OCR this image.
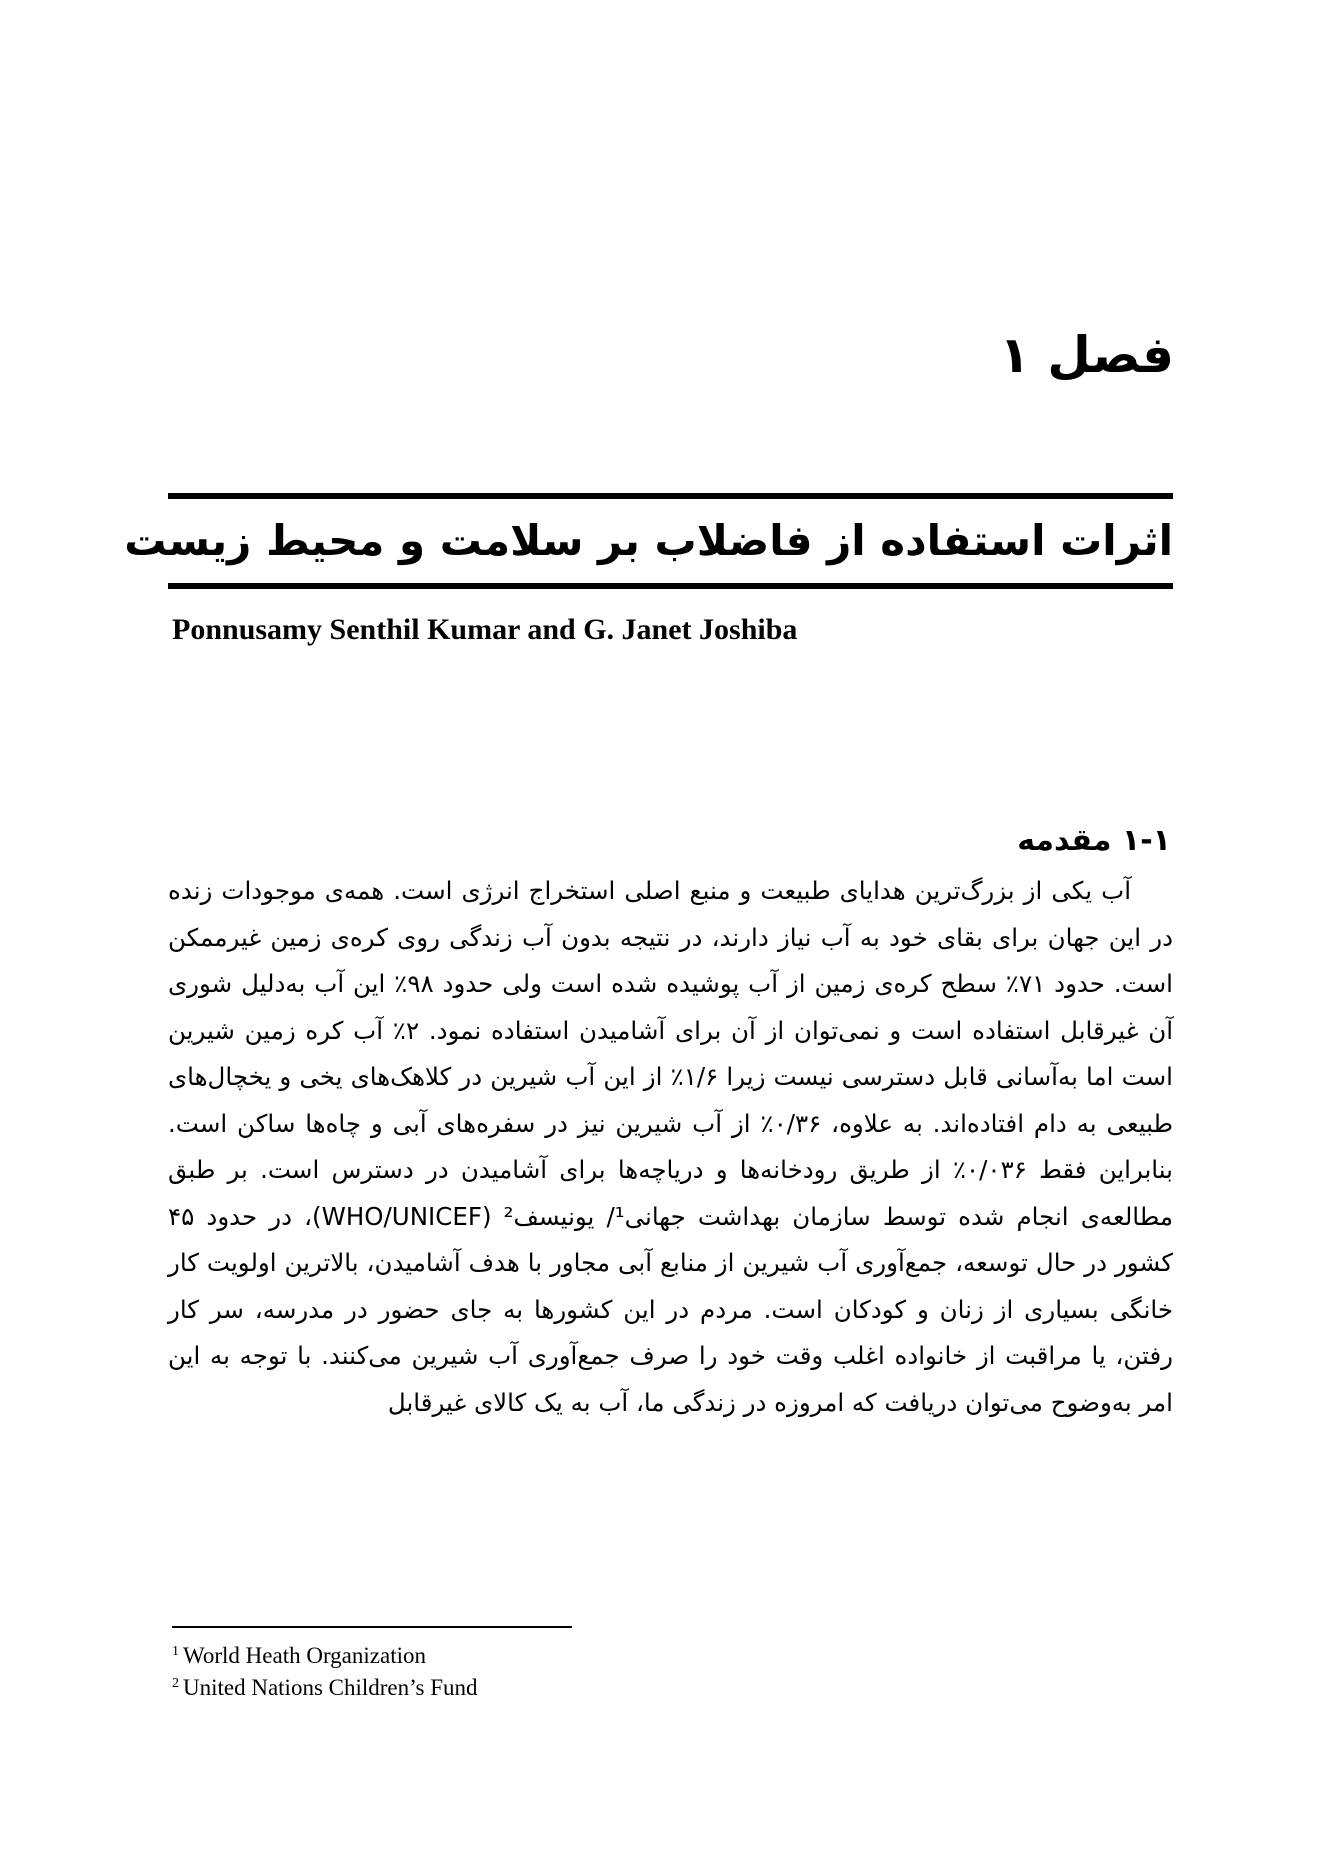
فصل ۱
اثرات استفاده از فاضلاب بر سلامت و محیط زیست
Ponnusamy Senthil Kumar and G. Janet Joshiba
۱-۱ مقدمه

آب یکی از بزرگ‌ترین هدایای طبیعت و منبع اصلی استخراج انرژی است. همه‌ی موجودات زنده در این جهان برای بقای خود به آب نیاز دارند، در نتیجه بدون آب زندگی روی کره‌ی زمین غیرممکن است. حدود ۷۱٪ سطح کره‌ی زمین از آب پوشیده شده است ولی حدود ۹۸٪ این آب به‌دلیل شوری آن غیرقابل استفاده است و نمی‌توان از آن برای آشامیدن استفاده نمود. ۲٪ آب کره زمین شیرین است اما به‌آسانی قابل دسترسی نیست زیرا ۱/۶٪ از این آب شیرین در کلاهک‌های یخی و یخچال‌های طبیعی به دام افتاده‌اند. به علاوه، ۰/۳۶٪ از آب شیرین نیز در سفره‌های آبی و چاه‌ها ساکن است. بنابراین فقط ۰/۰۳۶٪ از طریق رودخانه‌ها و دریاچه‌ها برای آشامیدن در دسترس است. بر طبق مطالعه‌ی انجام شده توسط سازمان بهداشت جهانی¹/ یونیسف² (WHO/UNICEF)، در حدود ۴۵ کشور در حال توسعه، جمع‌آوری آب شیرین از منابع آبی مجاور با هدف آشامیدن، بالاترین اولویت کار خانگی بسیاری از زنان و کودکان است. مردم در این کشورها به جای حضور در مدرسه، سر کار رفتن، یا مراقبت از خانواده اغلب وقت خود را صرف جمع‌آوری آب شیرین می‌کنند. با توجه به این امر به‌وضوح می‌توان دریافت که امروزه در زندگی ما، آب به یک کالای غیرقابل

$^1$ World Heath Organization
$^2$ United Nations Children’s Fund
